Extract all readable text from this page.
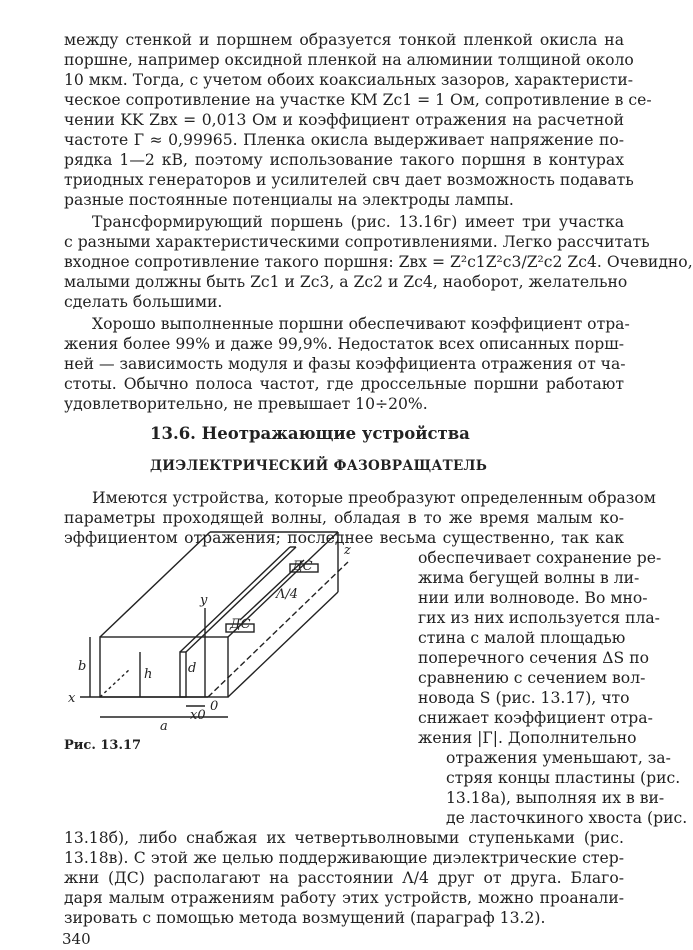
между стенкой и поршнем образуется тонкой пленкой окисла на
поршне, например оксидной пленкой на алюминии толщиной около
10 мкм. Тогда, с учетом обоих коаксиальных зазоров, характеристи-
ческое сопротивление на участке KM Zc1 = 1 Ом, сопротивление в се-
чении KK Zвх = 0,013 Ом и коэффициент отражения на расчетной
частоте Г ≈ 0,99965. Пленка окисла выдерживает напряжение по-
рядка 1—2 кВ, поэтому использование такого поршня в контурах
триодных генераторов и усилителей свч дает возможность подавать
разные постоянные потенциалы на электроды лампы.
Трансформирующий поршень (рис. 13.16г) имеет три участка
с разными характеристическими сопротивлениями. Легко рассчитать
входное сопротивление такого поршня: Zвх = Z²c1Z²c3/Z²c2 Zc4. Очевидно,
малыми должны быть Zc1 и Zc3, а Zc2 и Zc4, наоборот, желательно
сделать большими.
Хорошо выполненные поршни обеспечивают коэффициент отра-
жения более 99% и даже 99,9%. Недостаток всех описанных порш-
ней — зависимость модуля и фазы коэффициента отражения от ча-
стоты. Обычно полоса частот, где дроссельные поршни работают
удовлетворительно, не превышает 10÷20%.
13.6. Неотражающие устройства
ДИЭЛЕКТРИЧЕСКИЙ ФАЗОВРАЩАТЕЛЬ
Имеются устройства, которые преобразуют определенным образом
параметры проходящей волны, обладая в то же время малым ко-
эффициентом отражения; последнее весьма существенно, так как
обеспечивает сохранение ре-
жима бегущей волны в ли-
нии или волноводе. Во мно-
гих из них используется пла-
стина с малой площадью
поперечного сечения ΔS по
сравнению с сечением вол-
новода S (рис. 13.17), что
снижает коэффициент отра-
жения |Г|. Дополнительно
отражения уменьшают, за-
стряя концы пластины (рис.
13.18а), выполняя их в ви-
де ласточкиного хвоста (рис.
13.18б), либо снабжая их четвертьволновыми ступеньками (рис.
13.18в). С этой же целью поддерживающие диэлектрические стер-
жни (ДС) располагают на расстоянии Λ/4 друг от друга. Благо-
даря малым отражениям работу этих устройств, можно проанали-
зировать с помощью метода возмущений (параграф 13.2).
ДС
ДС
z
y
x
b
h	d
x0
a
0
Λ/4
Рис. 13.17
340
